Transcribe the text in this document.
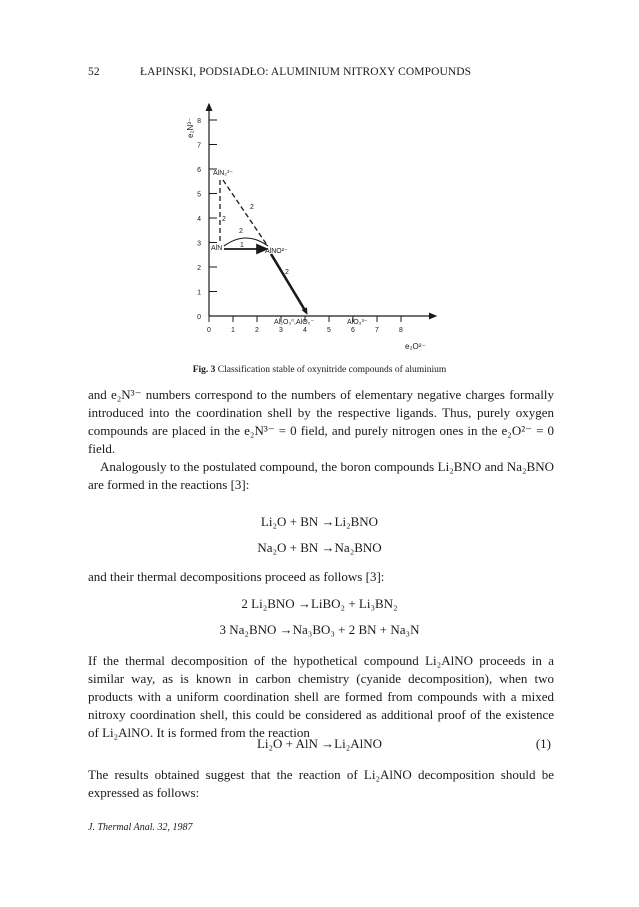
52	ŁAPINSKI, PODSIADŁO: ALUMINIUM NITROXY COMPOUNDS
0
1
2
3
4
5
6
7
8
0	1	2	3	4	5	6	7	8
e₂N³⁻
e₂O²⁻
AlN₂³⁻
AlN	AlNO²⁻
Al₂O₃⁰,AlO₂⁻	AlO₃³⁻
1
2
2
2
2
Fig. 3 Classification stable of oxynitride compounds of aluminium

and e₂N³⁻ numbers correspond to the numbers of elementary negative charges formally introduced into the coordination shell by the respective ligands. Thus, purely oxygen compounds are placed in the e₂N³⁻ = 0 field, and purely nitrogen ones in the e₂O²⁻ = 0 field.

Analogously to the postulated compound, the boron compounds Li₂BNO and Na₂BNO are formed in the reactions [3]:

Li₂O + BN →Li₂BNO
Na₂O + BN →Na₂BNO

and their thermal decompositions proceed as follows [3]:

2 Li₂BNO →LiBO₂ + Li₃BN₂
3 Na₂BNO →Na₃BO₃ + 2 BN + Na₃N

If the thermal decomposition of the hypothetical compound Li₂AlNO proceeds in a similar way, as is known in carbon chemistry (cyanide decomposition), when two products with a uniform coordination shell are formed from compounds with a mixed nitroxy coordination shell, this could be considered as additional proof of the existence of Li₂AlNO. It is formed from the reaction

Li₂O + AlN →Li₂AlNO	(1)

The results obtained suggest that the reaction of Li₂AlNO decomposition should be expressed as follows:

J. Thermal Anal. 32, 1987
